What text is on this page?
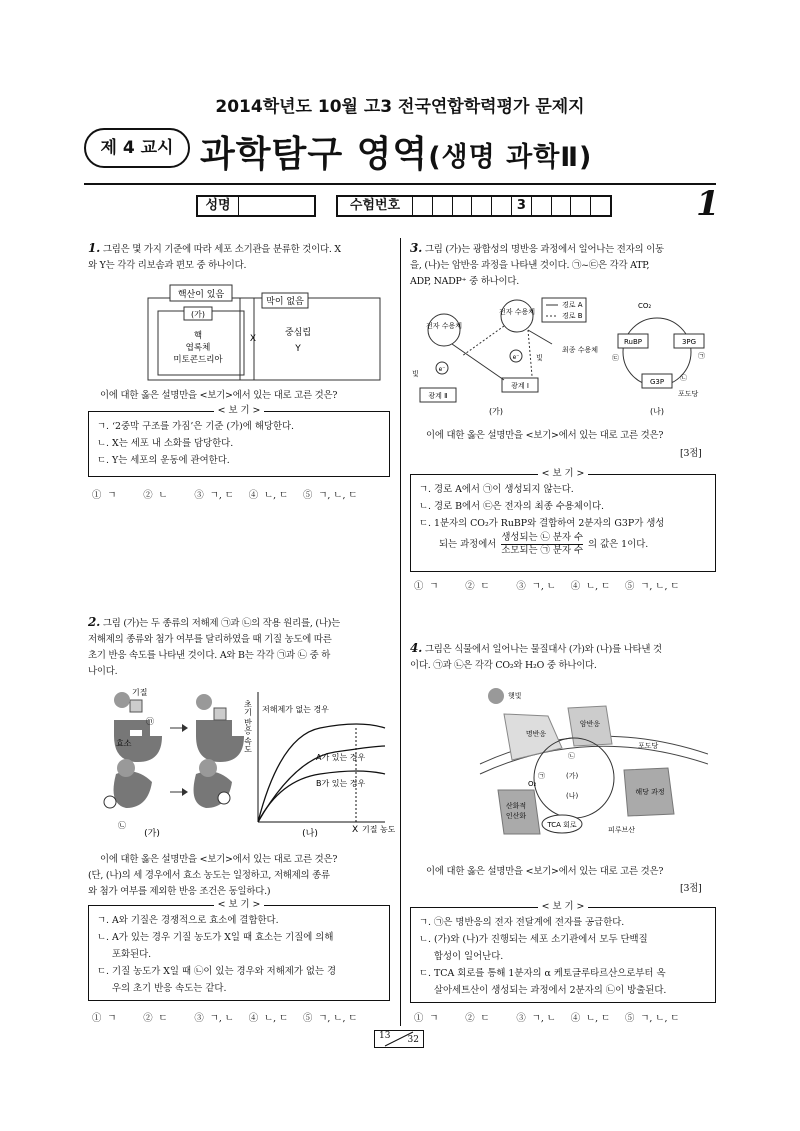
2014학년도 10월 고3 전국연합학력평가 문제지
제 4 교시 과학탐구 영역(생명 과학Ⅱ)
성명	수험번호	3	1
1. 그림은 몇 가지 기준에 따라 세포 소기관을 분류한 것이다. X
와 Y는 각각 리보솜과 편모 중 하나이다.
핵산이 있음
막이 없음
(가)
핵
엽록체
미토콘드리아
X
중심립
Y
이에 대한 옳은 설명만을 <보기>에서 있는 대로 고른 것은?
< 보 기 >
ㄱ. ‘2중막 구조를 가짐’은 기준 (가)에 해당한다.
ㄴ. X는 세포 내 소화를 담당한다.
ㄷ. Y는 세포의 운동에 관여한다.
①  ㄱ         ②  ㄴ         ③  ㄱ, ㄷ     ④  ㄴ, ㄷ     ⑤  ㄱ, ㄴ, ㄷ
2. 그림 (가)는 두 종류의 저해제 ㉠과 ㉡의 작용 원리를, (나)는
저해제의 종류와 첨가 여부를 달리하였을 때 기질 농도에 따른
초기 반응 속도를 나타낸 것이다. A와 B는 각각 ㉠과 ㉡ 중 하
나이다.
기질
㉠
효소
㉡
(가)
초기 반응 속도 저해제가 없는 경우
A가 있는 경우
B가 있는 경우
X 기질 농도
(나)
이에 대한 옳은 설명만을 <보기>에서 있는 대로 고른 것은?
(단, (나)의 세 경우에서 효소 농도는 일정하고, 저해제의 종류
와 첨가 여부를 제외한 반응 조건은 동일하다.)
< 보 기 >
ㄱ. A와 기질은 경쟁적으로 효소에 결합한다.
ㄴ. A가 있는 경우 기질 농도가 X일 때 효소는 기질에 의해
포화된다.
ㄷ. 기질 농도가 X일 때 ㉡이 있는 경우와 저해제가 없는 경
우의 초기 반응 속도는 같다.
①  ㄱ         ②  ㄷ         ③  ㄱ, ㄴ     ④  ㄴ, ㄷ     ⑤  ㄱ, ㄴ, ㄷ
3. 그림 (가)는 광합성의 명반응 과정에서 일어나는 전자의 이동
을, (나)는 암반응 과정을 나타낸 것이다. ㉠~㉢은 각각 ATP,
ADP, NADP⁺ 중 하나이다.
전자 수용체
전자 수용체
경로 A
경로 B
e⁻
e⁻
광계 Ⅱ
광계 Ⅰ
빛
빛
최종 수용체
(가)
CO₂
RuBP	3PG
G3P
포도당
㉠
㉡
㉢
(나)
이에 대한 옳은 설명만을 <보기>에서 있는 대로 고른 것은?
[3점]
< 보 기 >
ㄱ. 경로 A에서 ㉠이 생성되지 않는다.
ㄴ. 경로 B에서 ㉢은 전자의 최종 수용체이다.
ㄷ. 1분자의 CO₂가 RuBP와 결합하여 2분자의 G3P가 생성
되는 과정에서
생성되는 ㉡ 분자 수
소모되는 ㉠ 분자 수
의 값은 1이다.
①  ㄱ         ②  ㄷ         ③  ㄱ, ㄴ     ④  ㄴ, ㄷ     ⑤  ㄱ, ㄴ, ㄷ
4. 그림은 식물에서 일어나는 물질대사 (가)와 (나)를 나타낸 것
이다. ㉠과 ㉡은 각각 CO₂와 H₂O 중 하나이다.
햇빛
명반응
암반응
포도당
㉡
(가)
O₂
㉠
(나)
산화적
인산화
해당 과정
TCA 회로
피루브산
이에 대한 옳은 설명만을 <보기>에서 있는 대로 고른 것은?
[3점]
< 보 기 >
ㄱ. ㉠은 명반응의 전자 전달계에 전자를 공급한다.
ㄴ. (가)와 (나)가 진행되는 세포 소기관에서 모두 단백질
합성이 일어난다.
ㄷ. TCA 회로를 통해 1분자의 α 케토글루타르산으로부터 옥
살아세트산이 생성되는 과정에서 2분자의 ㉡이 방출된다.
①  ㄱ         ②  ㄷ         ③  ㄱ, ㄴ     ④  ㄴ, ㄷ     ⑤  ㄱ, ㄴ, ㄷ
13 32
